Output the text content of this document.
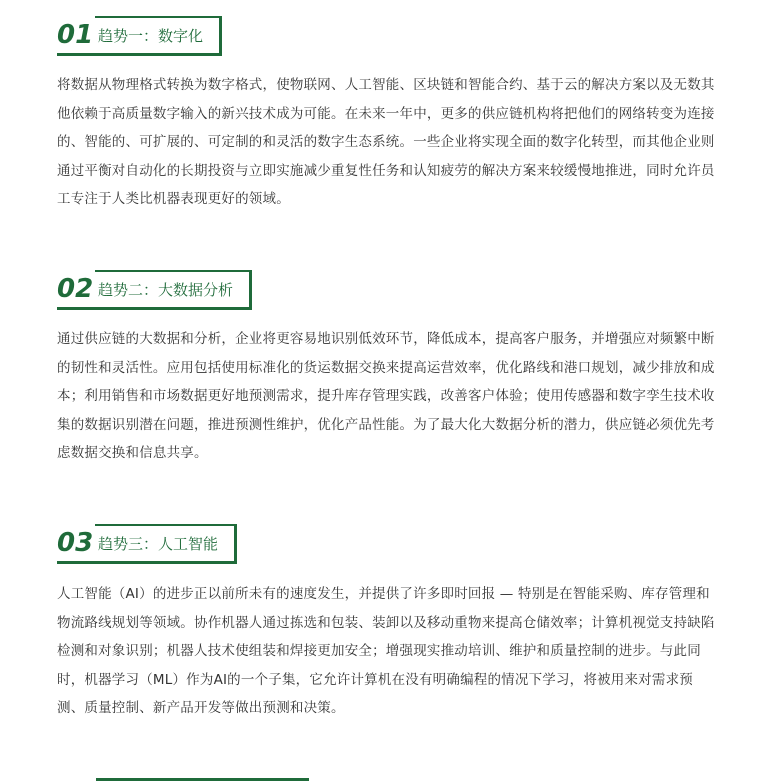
01 趋势一：数字化

将数据从物理格式转换为数字格式，使物联网、人工智能、区块链和智能合约、基于云的解决方案以及无数其他依赖于高质量数字输入的新兴技术成为可能。在未来一年中，更多的供应链机构将把他们的网络转变为连接的、智能的、可扩展的、可定制的和灵活的数字生态系统。一些企业将实现全面的数字化转型，而其他企业则通过平衡对自动化的长期投资与立即实施减少重复性任务和认知疲劳的解决方案来较缓慢地推进，同时允许员工专注于人类比机器表现更好的领域。

02 趋势二：大数据分析

通过供应链的大数据和分析，企业将更容易地识别低效环节，降低成本，提高客户服务，并增强应对频繁中断的韧性和灵活性。应用包括使用标准化的货运数据交换来提高运营效率，优化路线和港口规划，减少排放和成本；利用销售和市场数据更好地预测需求，提升库存管理实践，改善客户体验；使用传感器和数字孪生技术收集的数据识别潜在问题，推进预测性维护，优化产品性能。为了最大化大数据分析的潜力，供应链必须优先考虑数据交换和信息共享。

03 趋势三：人工智能

人工智能（AI）的进步正以前所未有的速度发生，并提供了许多即时回报 — 特别是在智能采购、库存管理和物流路线规划等领域。协作机器人通过拣选和包装、装卸以及移动重物来提高仓储效率；计算机视觉支持缺陷检测和对象识别；机器人技术使组装和焊接更加安全；增强现实推动培训、维护和质量控制的进步。与此同时，机器学习（ML）作为AI的一个子集，它允许计算机在没有明确编程的情况下学习，将被用来对需求预测、质量控制、新产品开发等做出预测和决策。
